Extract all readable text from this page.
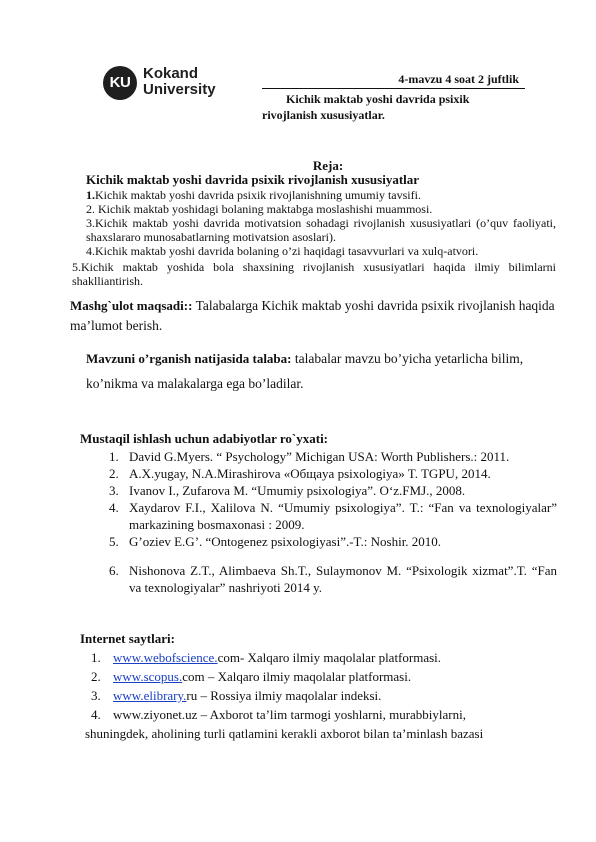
KU
Kokand
University
4-mavzu 4 soat 2 juftlik
Kichik maktab yoshi davrida psixik
rivojlanish xususiyatlar.
Reja:
Kichik maktab yoshi davrida psixik rivojlanish xususiyatlar
1.Kichik maktab yoshi davrida psixik rivojlanishning umumiy tavsifi.
2. Kichik maktab yoshidagi bolaning maktabga moslashishi muammosi.
3.Kichik maktab yoshi davrida motivatsion sohadagi rivojlanish xususiyatlari (o’quv faoliyati, shaxslararo munosabatlarning motivatsion asoslari).
4.Kichik maktab yoshi davrida bolaning o’zi haqidagi tasavvurlari va xulq-atvori.
5.Kichik maktab yoshida bola shaxsining rivojlanish xususiyatlari haqida ilmiy bilimlarni shaklliantirish.
Mashg`ulot maqsadi:: Talabalarga Kichik maktab yoshi davrida psixik rivojlanish haqida ma’lumot berish.
Mavzuni o’rganish natijasida talaba: talabalar mavzu bo’yicha yetarlicha bilim, ko’nikma va malakalarga ega bo’ladilar.
Mustaqil ishlash uchun adabiyotlar ro`yxati:
1. David G.Myers. “ Psychology” Michigan USA: Worth Publishers.: 2011.
2. A.X.yugay, N.A.Mirashirova «Общaya psixologiya» T. TGPU, 2014.
3. Ivanov I., Zufarova M. “Umumiy psixologiya”. O‘z.FMJ., 2008.
4. Xaydarov F.I., Xalilova N. “Umumiy psixologiya”. T.: “Fan va texnologiyalar” markazining bosmaxonasi : 2009.
5. G’oziev E.G’. “Ontogenez psixologiyasi”.-T.: Noshir. 2010.
6. Nishonova Z.T., Alimbaeva Sh.T., Sulaymonov M. “Psixologik xizmat”.T. “Fan va texnologiyalar” nashriyoti 2014 y.
Internet saytlari:
1. www.webofscience.com- Xalqaro ilmiy maqolalar platformasi.
2. www.scopus.com – Xalqaro ilmiy maqolalar platformasi.
3. www.elibrary.ru – Rossiya ilmiy maqolalar indeksi.
4. www.ziyonet.uz – Axborot ta’lim tarmogi yoshlarni, murabbiylarni,
shuningdek, aholining turli qatlamini kerakli axborot bilan ta’minlash bazasi
